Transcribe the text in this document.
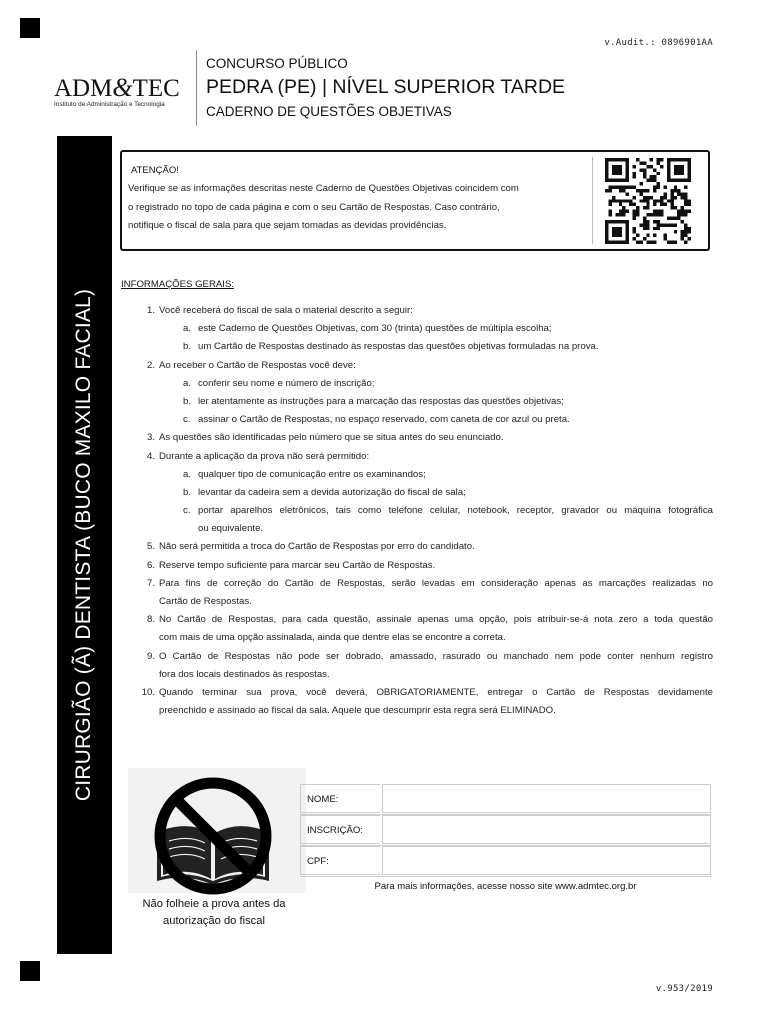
v.Audit.: 0896901AA
v.953/2019
ADM&TEC
Instituto de Administração e Tecnologia
CONCURSO PÚBLICO
PEDRA (PE) | NÍVEL SUPERIOR TARDE
CADERNO DE QUESTÕES OBJETIVAS
CIRURGIÃO (Ã) DENTISTA (BUCO MAXILO FACIAL)
ATENÇÃO!
Verifique se as informações descritas neste Caderno de Questões Objetivas coincidem com
o registrado no topo de cada página e com o seu Cartão de Respostas. Caso contrário,
notifique o fiscal de sala para que sejam tomadas as devidas providências.
INFORMAÇÕES GERAIS:
1. Você receberá do fiscal de sala o material descrito a seguir:
a. este Caderno de Questões Objetivas, com 30 (trinta) questões de múltipla escolha;
b. um Cartão de Respostas destinado às respostas das questões objetivas formuladas na prova.
2. Ao receber o Cartão de Respostas você deve:
a. conferir seu nome e número de inscrição;
b. ler atentamente as instruções para a marcação das respostas das questões objetivas;
c. assinar o Cartão de Respostas, no espaço reservado, com caneta de cor azul ou preta.
3. As questões são identificadas pelo número que se situa antes do seu enunciado.
4. Durante a aplicação da prova não será permitido:
a. qualquer tipo de comunicação entre os examinandos;
b. levantar da cadeira sem a devida autorização do fiscal de sala;
c. portar aparelhos eletrônicos, tais como telefone celular, notebook, receptor, gravador ou máquina fotográfica
ou equivalente.
5. Não será permitida a troca do Cartão de Respostas por erro do candidato.
6. Reserve tempo suficiente para marcar seu Cartão de Respostas.
7. Para fins de correção do Cartão de Respostas, serão levadas em consideração apenas as marcações realizadas no
Cartão de Respostas.
8. No Cartão de Respostas, para cada questão, assinale apenas uma opção, pois atribuir-se-á nota zero a toda questão
com mais de uma opção assinalada, ainda que dentre elas se encontre a correta.
9. O Cartão de Respostas não pode ser dobrado, amassado, rasurado ou manchado nem pode conter nenhum registro
fora dos locais destinados às respostas.
10. Quando terminar sua prova, você deverá, OBRIGATORIAMENTE, entregar o Cartão de Respostas devidamente
preenchido e assinado ao fiscal da sala. Aquele que descumprir esta regra será ELIMINADO.
Não folheie a prova antes da
autorização do fiscal
NOME:
INSCRIÇÃO:
CPF:
Para mais informações, acesse nosso site www.admtec.org.br
